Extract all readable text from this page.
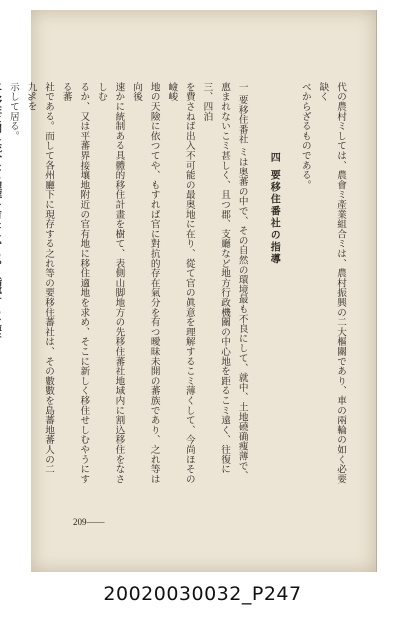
代の農村ミしては、農會ミ產業組合ミは、農村振興の二大樞關であり、車の兩輪の如く必要缺く
べからざるものである。
四 要移住番社の指導
一 要移住番社 ミは奥蕃の中で、その自然の環境最も不良にして、就中、土地磽确痩薄で、
惠まれないこミ甚しく、且つ郡、支廳など地方行政機關の中心地を距るこミ遠く、往復に三、四泊
を費さねば出入不可能の最奥地に在り、從て官の眞意を理解するこミ薄くして、今尚ほその嶮峻
地の天險に依つてや、もすれば官に對抗的存在氣分を有つ曖昧未開の蕃族であり、之れ等は向後
速かに統制ある具體的移住計畫を樹て、表側山脚地方の先移住蕃社地域内に割込移住をなさしむ
るか、又は平蕃界接壤地附近の官有地に移住適地を求め、そこに新しく移住せしむやうにする蕃
社である。而して各州廳下に現存する之れ等の要移住蕃社は、その數數を島蕃地蕃人の二九%を
示して居る。
209——
20020030032_P247
